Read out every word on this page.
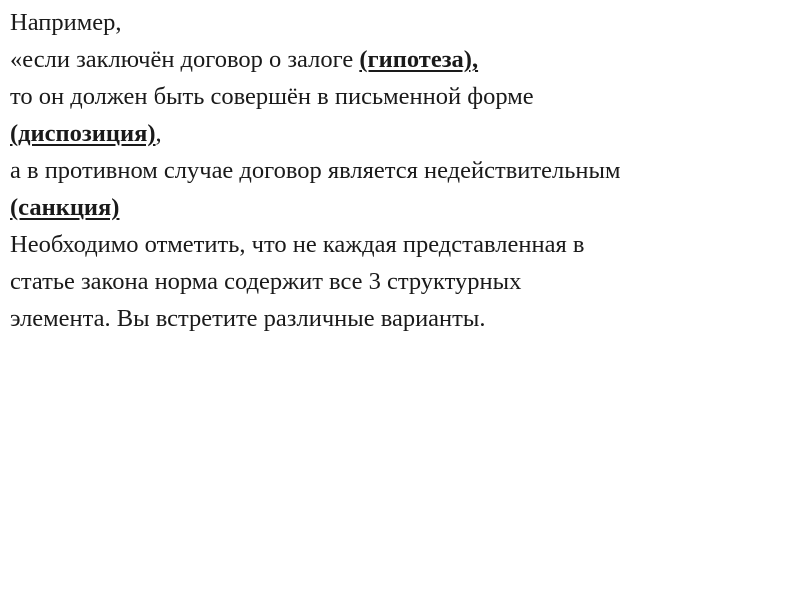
Например,
«если заключён договор о залоге (гипотеза),
то он должен быть совершён в письменной форме
(диспозиция),
а в противном случае договор является недействительным
(санкция)
Необходимо отметить, что не каждая представленная в
статье закона норма содержит все 3 структурных
элемента. Вы встретите различные варианты.
